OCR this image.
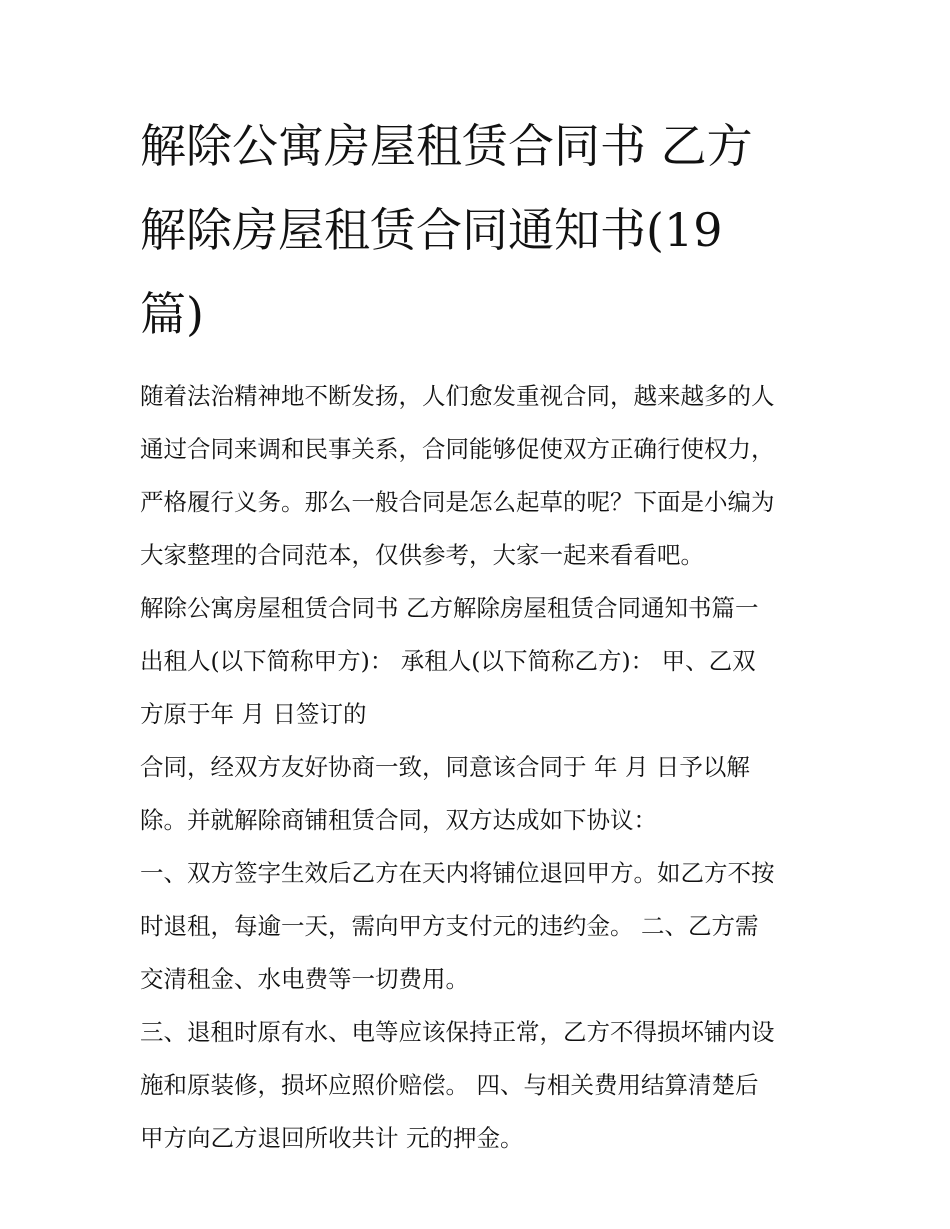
解除公寓房屋租赁合同书 乙方
解除房屋租赁合同通知书(19
篇)

随着法治精神地不断发扬，人们愈发重视合同，越来越多的人
通过合同来调和民事关系，合同能够促使双方正确行使权力，
严格履行义务。那么一般合同是怎么起草的呢？下面是小编为
大家整理的合同范本，仅供参考，大家一起来看看吧。

解除公寓房屋租赁合同书 乙方解除房屋租赁合同通知书篇一

出租人(以下简称甲方)： 承租人(以下简称乙方)： 甲、乙双
方原于年 月 日签订的

合同，经双方友好协商一致，同意该合同于 年 月 日予以解
除。并就解除商铺租赁合同，双方达成如下协议：

一、双方签字生效后乙方在天内将铺位退回甲方。如乙方不按
时退租，每逾一天，需向甲方支付元的违约金。 二、乙方需
交清租金、水电费等一切费用。

三、退租时原有水、电等应该保持正常，乙方不得损坏铺内设
施和原装修，损坏应照价赔偿。 四、与相关费用结算清楚后
甲方向乙方退回所收共计 元的押金。
